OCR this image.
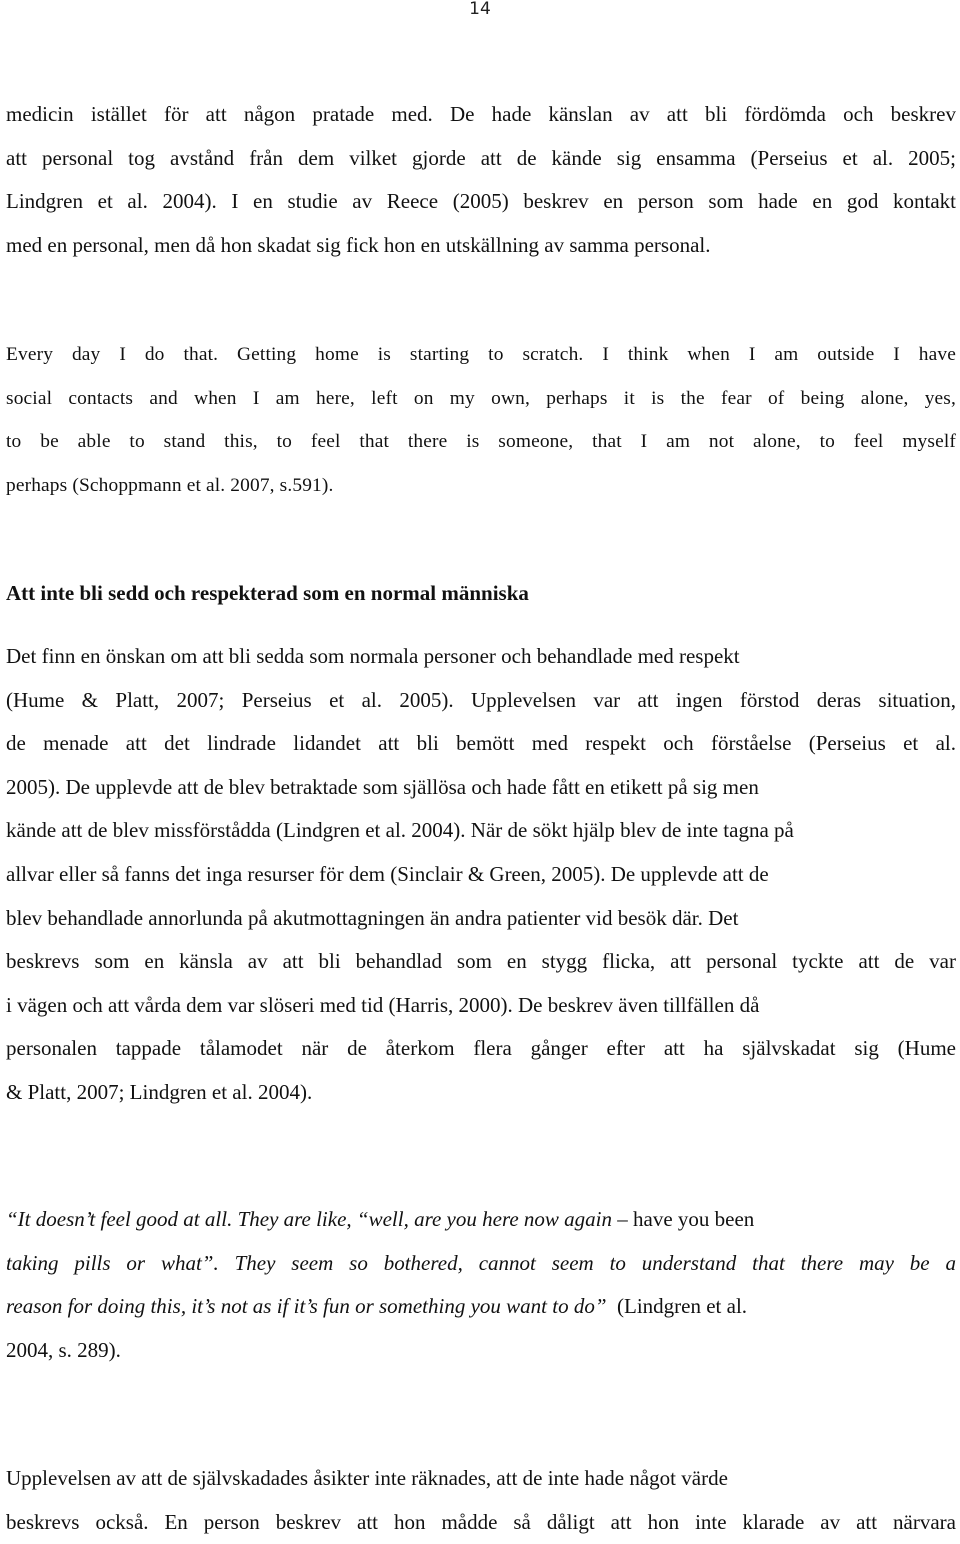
14
medicin istället för att någon pratade med. De hade känslan av att bli fördömda och beskrev
att personal tog avstånd från dem vilket gjorde att de kände sig ensamma (Perseius et al. 2005;
Lindgren et al. 2004). I en studie av Reece (2005) beskrev en person som hade en god kontakt
med en personal, men då hon skadat sig fick hon en utskällning av samma personal.
Every day I do that. Getting home is starting to scratch. I think when I am outside I have
social contacts and when I am here, left on my own, perhaps it is the fear of being alone, yes,
to be able to stand this, to feel that there is someone, that I am not alone, to feel myself
perhaps (Schoppmann et al. 2007, s.591).
Att inte bli sedd och respekterad som en normal människa
Det finn en önskan om att bli sedda som normala personer och behandlade med respekt
(Hume & Platt, 2007; Perseius et al. 2005). Upplevelsen var att ingen förstod deras situation,
de menade att det lindrade lidandet att bli bemött med respekt och förståelse (Perseius et al.
2005). De upplevde att de blev betraktade som själlösa och hade fått en etikett på sig men
kände att de blev missförstådda (Lindgren et al. 2004). När de sökt hjälp blev de inte tagna på
allvar eller så fanns det inga resurser för dem (Sinclair & Green, 2005). De upplevde att de
blev behandlade annorlunda på akutmottagningen än andra patienter vid besök där. Det
beskrevs som en känsla av att bli behandlad som en stygg flicka, att personal tyckte att de var
i vägen och att vårda dem var slöseri med tid (Harris, 2000). De beskrev även tillfällen då
personalen tappade tålamodet när de återkom flera gånger efter att ha självskadat sig (Hume
& Platt, 2007; Lindgren et al. 2004).
“It doesn’t feel good at all. They are like, “well, are you here now again – have you been
taking pills or what”. They seem so bothered, cannot seem to understand that there may be a
reason for doing this, it’s not as if it’s fun or something you want to do”  (Lindgren et al.
2004, s. 289).
Upplevelsen av att de självskadades åsikter inte räknades, att de inte hade något värde
beskrevs också. En person beskrev att hon mådde så dåligt att hon inte klarade av att närvara
